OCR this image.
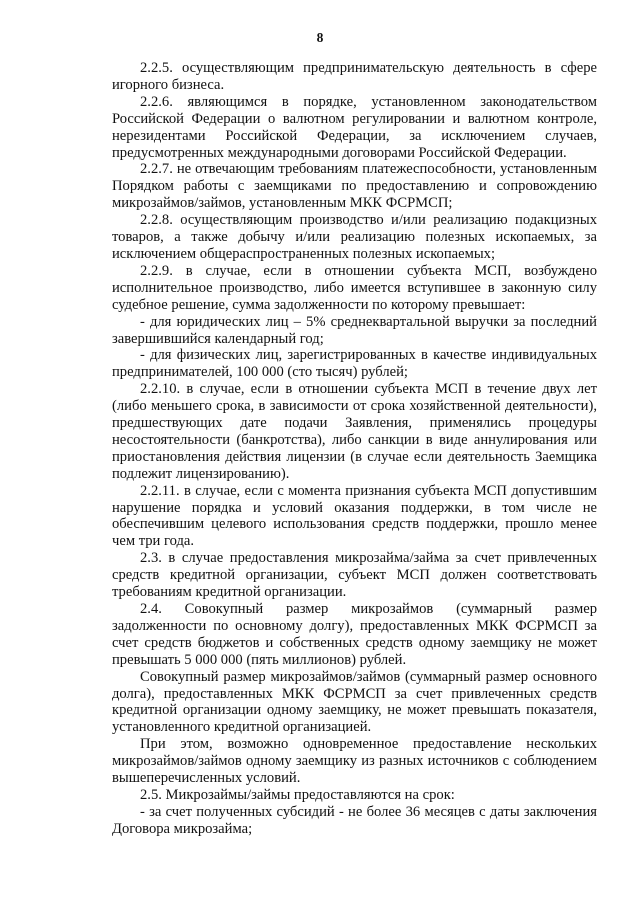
8

2.2.5. осуществляющим предпринимательскую деятельность в сфере игорного бизнеса.

2.2.6. являющимся в порядке, установленном законодательством Российской Федерации о валютном регулировании и валютном контроле, нерезидентами Российской Федерации, за исключением случаев, предусмотренных международными договорами Российской Федерации.

2.2.7. не отвечающим требованиям платежеспособности, установленным Порядком работы с заемщиками по предоставлению и сопровождению микрозаймов/займов, установленным МКК ФСРМСП;

2.2.8. осуществляющим производство и/или реализацию подакцизных товаров, а также добычу и/или реализацию полезных ископаемых, за исключением общераспространенных полезных ископаемых;

2.2.9. в случае, если в отношении субъекта МСП, возбуждено исполнительное производство, либо имеется вступившее в законную силу судебное решение, сумма задолженности по которому превышает:

- для юридических лиц – 5% среднеквартальной выручки за последний завершившийся календарный год;

- для физических лиц, зарегистрированных в качестве индивидуальных предпринимателей, 100 000 (сто тысяч) рублей;

2.2.10. в случае, если в отношении субъекта МСП в течение двух лет (либо меньшего срока, в зависимости от срока хозяйственной деятельности), предшествующих дате подачи Заявления, применялись процедуры несостоятельности (банкротства), либо санкции в виде аннулирования или приостановления действия лицензии (в случае если деятельность Заемщика подлежит лицензированию).

2.2.11. в случае, если с момента признания субъекта МСП допустившим нарушение порядка и условий оказания поддержки, в том числе не обеспечившим целевого использования средств поддержки, прошло менее чем три года.

2.3. в случае предоставления микрозайма/займа за счет привлеченных средств кредитной организации, субъект МСП должен соответствовать требованиям кредитной организации.

2.4. Совокупный размер микрозаймов (суммарный размер задолженности по основному долгу), предоставленных МКК ФСРМСП за счет средств бюджетов и собственных средств одному заемщику не может превышать 5 000 000 (пять миллионов) рублей.

Совокупный размер микрозаймов/займов (суммарный размер основного долга), предоставленных МКК ФСРМСП за счет привлеченных средств кредитной организации одному заемщику, не может превышать показателя, установленного кредитной организацией.

При этом, возможно одновременное предоставление нескольких микрозаймов/займов одному заемщику из разных источников с соблюдением вышеперечисленных условий.

2.5. Микрозаймы/займы предоставляются на срок:

- за счет полученных субсидий - не более 36 месяцев с даты заключения Договора микрозайма;
